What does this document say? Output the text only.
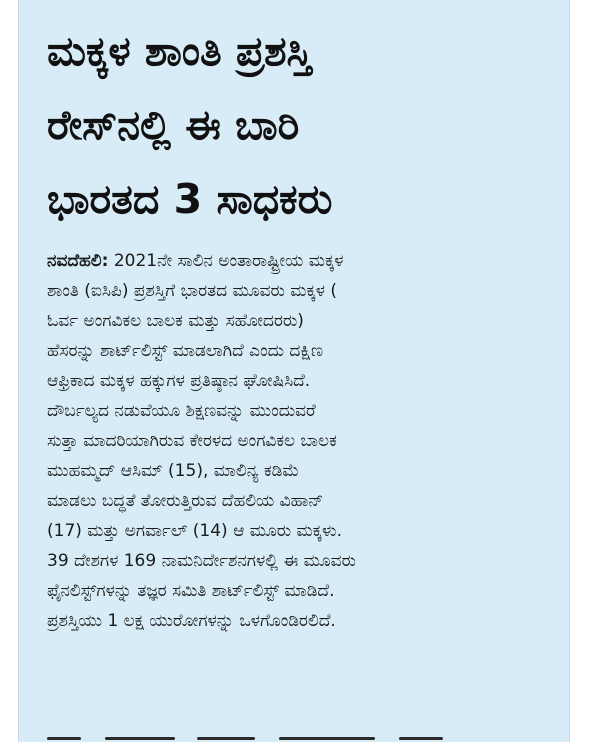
ಮಕ್ಕಳ ಶಾಂತಿ ಪ್ರಶಸ್ತಿ
ರೇಸ್‌ನಲ್ಲಿ ಈ ಬಾರಿ
ಭಾರತದ 3 ಸಾಧಕರು
ನವದೆಹಲಿ: 2021ನೇ ಸಾಲಿನ ಅಂತಾರಾಷ್ಟ್ರೀಯ ಮಕ್ಕಳ
ಶಾಂತಿ (ಐಸಿಪಿ) ಪ್ರಶಸ್ತಿಗೆ ಭಾರತದ ಮೂವರು ಮಕ್ಕಳ (
ಓರ್ವ ಅಂಗವಿಕಲ ಬಾಲಕ ಮತ್ತು ಸಹೋದರರು)
ಹೆಸರನ್ನು ಶಾರ್ಟ್‌ಲಿಸ್ಟ್ ಮಾಡಲಾಗಿದೆ ಎಂದು ದಕ್ಷಿಣ
ಆಫ್ರಿಕಾದ ಮಕ್ಕಳ ಹಕ್ಕುಗಳ ಪ್ರತಿಷ್ಠಾನ ಘೋಷಿಸಿದೆ.
ದೌರ್ಬಲ್ಯದ ನಡುವೆಯೂ ಶಿಕ್ಷಣವನ್ನು ಮುಂದುವರೆ
ಸುತ್ತಾ ಮಾದರಿಯಾಗಿರುವ ಕೇರಳದ ಅಂಗವಿಕಲ ಬಾಲಕ
ಮುಹಮ್ಮದ್ ಆಸಿಮ್ (15), ಮಾಲಿನ್ಯ ಕಡಿಮೆ
ಮಾಡಲು ಬದ್ಧತೆ ತೋರುತ್ತಿರುವ ದೆಹಲಿಯ ವಿಹಾನ್
(17) ಮತ್ತು ಅಗರ್ವಾಲ್ (14) ಆ ಮೂರು ಮಕ್ಕಳು.
39 ದೇಶಗಳ 169 ನಾಮನಿರ್ದೇಶನಗಳಲ್ಲಿ ಈ ಮೂವರು
ಫೈನಲಿಸ್ಟ್‌ಗಳನ್ನು ತಜ್ಞರ ಸಮಿತಿ ಶಾರ್ಟ್‌ಲಿಸ್ಟ್ ಮಾಡಿದೆ.
ಪ್ರಶಸ್ತಿಯು 1 ಲಕ್ಷ ಯುರೋಗಳನ್ನು ಒಳಗೊಂಡಿರಲಿದೆ.
